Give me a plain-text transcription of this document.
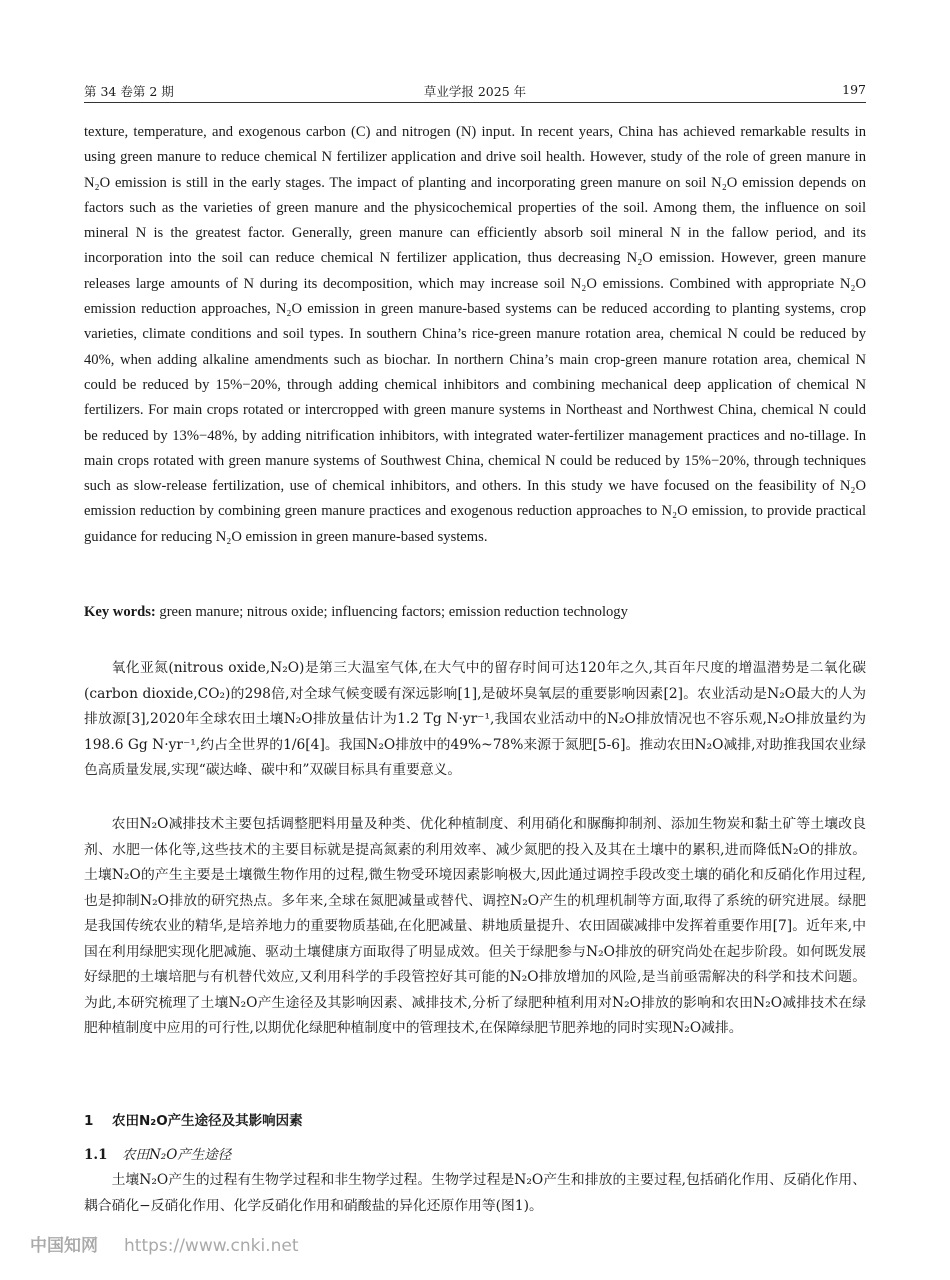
第 34 卷第 2 期	草业学报 2025 年	197
texture, temperature, and exogenous carbon (C) and nitrogen (N) input. In recent years, China has achieved remarkable results in using green manure to reduce chemical N fertilizer application and drive soil health. However, study of the role of green manure in N₂O emission is still in the early stages. The impact of planting and incorporating green manure on soil N₂O emission depends on factors such as the varieties of green manure and the physicochemical properties of the soil. Among them, the influence on soil mineral N is the greatest factor. Generally, green manure can efficiently absorb soil mineral N in the fallow period, and its incorporation into the soil can reduce chemical N fertilizer application, thus decreasing N₂O emission. However, green manure releases large amounts of N during its decomposition, which may increase soil N₂O emissions. Combined with appropriate N₂O emission reduction approaches, N₂O emission in green manure-based systems can be reduced according to planting systems, crop varieties, climate conditions and soil types. In southern China’s rice-green manure rotation area, chemical N could be reduced by 40%, when adding alkaline amendments such as biochar. In northern China’s main crop-green manure rotation area, chemical N could be reduced by 15%−20%, through adding chemical inhibitors and combining mechanical deep application of chemical N fertilizers. For main crops rotated or intercropped with green manure systems in Northeast and Northwest China, chemical N could be reduced by 13%−48%, by adding nitrification inhibitors, with integrated water-fertilizer management practices and no-tillage. In main crops rotated with green manure systems of Southwest China, chemical N could be reduced by 15%−20%, through techniques such as slow-release fertilization, use of chemical inhibitors, and others. In this study we have focused on the feasibility of N₂O emission reduction by combining green manure practices and exogenous reduction approaches to N₂O emission, to provide practical guidance for reducing N₂O emission in green manure-based systems.
Key words: green manure; nitrous oxide; influencing factors; emission reduction technology
氧化亚氮(nitrous oxide,N₂O)是第三大温室气体,在大气中的留存时间可达120年之久,其百年尺度的增温潜势是二氧化碳(carbon dioxide,CO₂)的298倍,对全球气候变暖有深远影响[1],是破坏臭氧层的重要影响因素[2]。农业活动是N₂O最大的人为排放源[3],2020年全球农田土壤N₂O排放量估计为1.2 Tg N·yr⁻¹,我国农业活动中的N₂O排放情况也不容乐观,N₂O排放量约为198.6 Gg N·yr⁻¹,约占全世界的1/6[4]。我国N₂O排放中的49%~78%来源于氮肥[5-6]。推动农田N₂O减排,对助推我国农业绿色高质量发展,实现“碳达峰、碳中和”双碳目标具有重要意义。
农田N₂O减排技术主要包括调整肥料用量及种类、优化种植制度、利用硝化和脲酶抑制剂、添加生物炭和黏土矿等土壤改良剂、水肥一体化等,这些技术的主要目标就是提高氮素的利用效率、减少氮肥的投入及其在土壤中的累积,进而降低N₂O的排放。土壤N₂O的产生主要是土壤微生物作用的过程,微生物受环境因素影响极大,因此通过调控手段改变土壤的硝化和反硝化作用过程,也是抑制N₂O排放的研究热点。多年来,全球在氮肥减量或替代、调控N₂O产生的机理机制等方面,取得了系统的研究进展。绿肥是我国传统农业的精华,是培养地力的重要物质基础,在化肥减量、耕地质量提升、农田固碳减排中发挥着重要作用[7]。近年来,中国在利用绿肥实现化肥减施、驱动土壤健康方面取得了明显成效。但关于绿肥参与N₂O排放的研究尚处在起步阶段。如何既发展好绿肥的土壤培肥与有机替代效应,又利用科学的手段管控好其可能的N₂O排放增加的风险,是当前亟需解决的科学和技术问题。为此,本研究梳理了土壤N₂O产生途径及其影响因素、减排技术,分析了绿肥种植利用对N₂O排放的影响和农田N₂O减排技术在绿肥种植制度中应用的可行性,以期优化绿肥种植制度中的管理技术,在保障绿肥节肥养地的同时实现N₂O减排。
1 农田N₂O产生途径及其影响因素
1.1 农田N₂O产生途径
土壤N₂O产生的过程有生物学过程和非生物学过程。生物学过程是N₂O产生和排放的主要过程,包括硝化作用、反硝化作用、耦合硝化−反硝化作用、化学反硝化作用和硝酸盐的异化还原作用等(图1)。
中国知网 https://www.cnki.net
